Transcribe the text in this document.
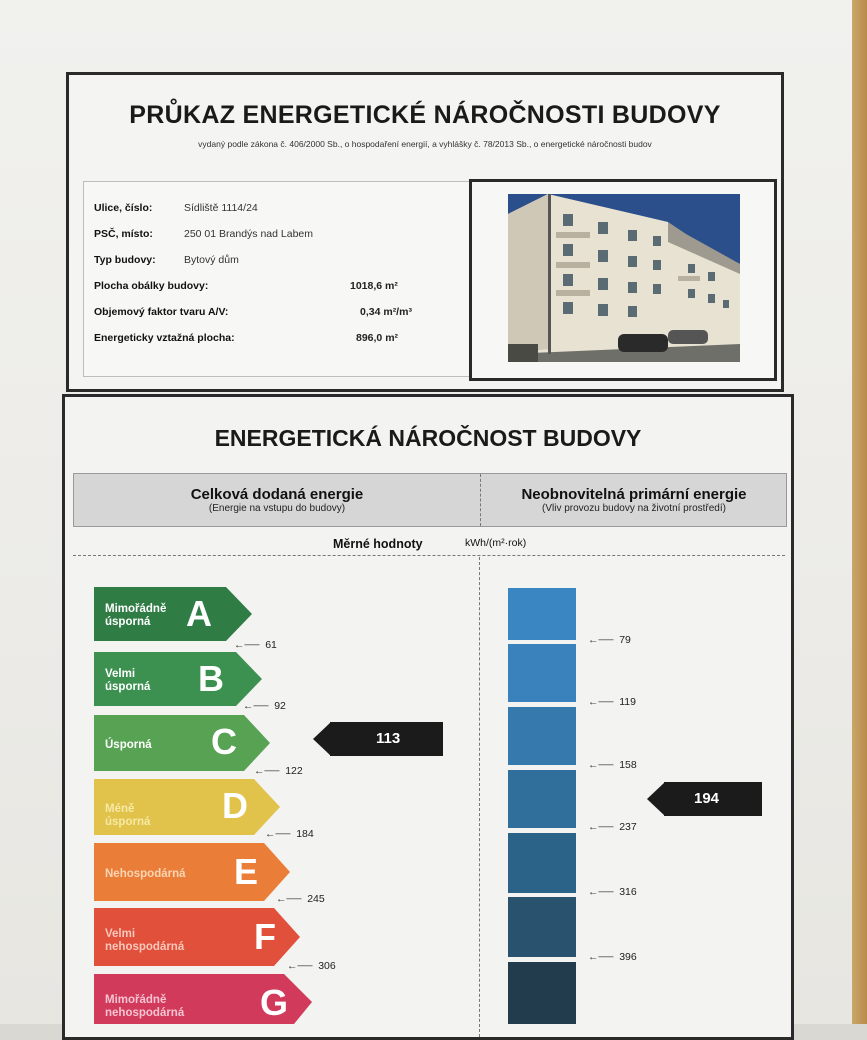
PRŮKAZ ENERGETICKÉ NÁROČNOSTI BUDOVY
vydaný podle zákona č. 406/2000 Sb., o hospodaření energií, a vyhlášky č. 78/2013 Sb., o energetické náročnosti budov
Ulice, číslo:	Sídliště 1114/24
PSČ, místo:	250 01 Brandýs nad Labem
Typ budovy:	Bytový dům
Plocha obálky budovy:	1018,6 m²
Objemový faktor tvaru A/V:	0,34 m²/m³
Energeticky vztažná plocha:	896,0 m²
ENERGETICKÁ NÁROČNOST BUDOVY
Celková dodaná energie
(Energie na vstupu do budovy)
Neobnovitelná primární energie
(Vliv provozu budovy na životní prostředí)
Měrné hodnoty	kWh/(m²·rok)
Mimořádně
úsporná A
←──  61
Velmi
úsporná B
←──  92
Úsporná C
←──  122
Méně úsporná D
←──  184
Nehospodárná E
←──  245
Velmi
nehospodárná F
←──  306
Mimořádně
nehospodárná G
113
←──  79
←──  119
←──  158
←──  237
←──  316
←──  396
194
